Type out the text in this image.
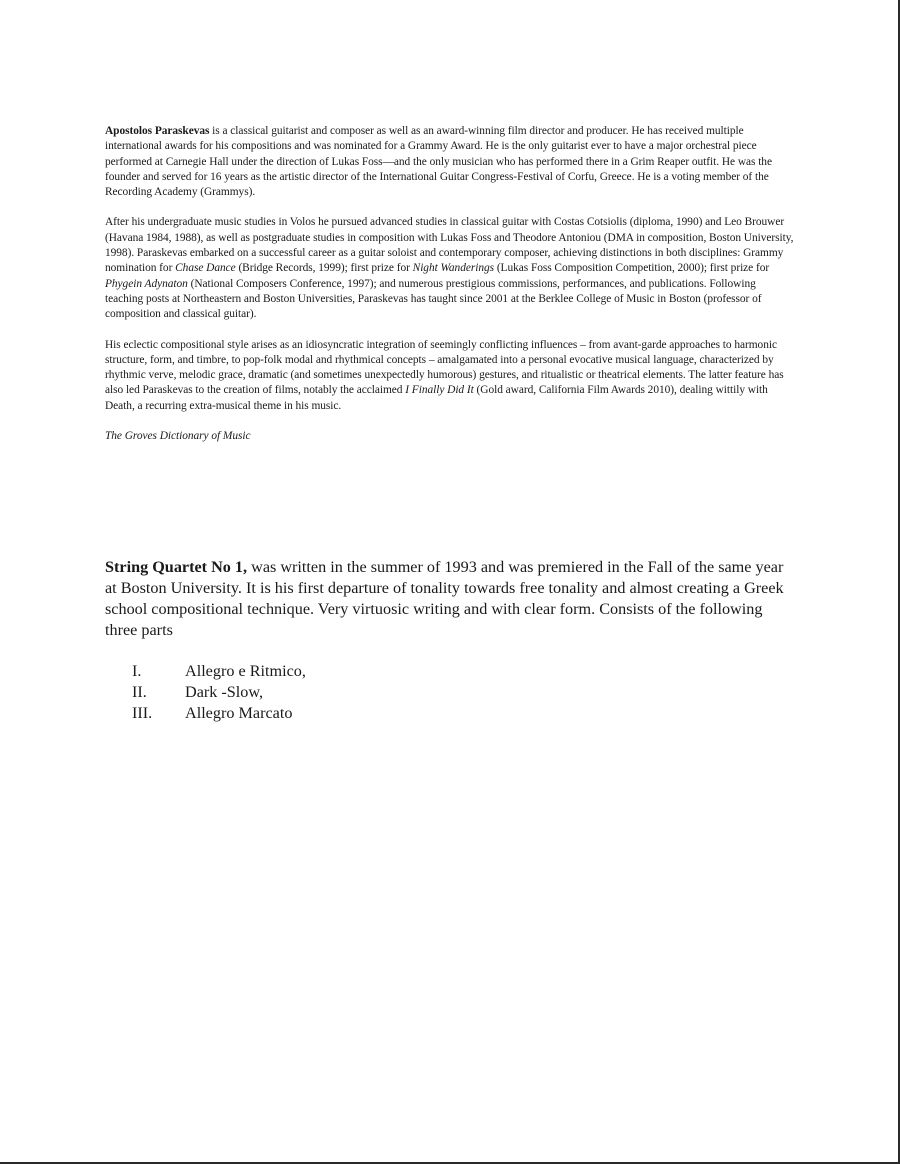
Apostolos Paraskevas is a classical guitarist and composer as well as an award-winning film director and producer. He has received multiple international awards for his compositions and was nominated for a Grammy Award. He is the only guitarist ever to have a major orchestral piece performed at Carnegie Hall under the direction of Lukas Foss—and the only musician who has performed there in a Grim Reaper outfit. He was the founder and served for 16 years as the artistic director of the International Guitar Congress-Festival of Corfu, Greece. He is a voting member of the Recording Academy (Grammys).

After his undergraduate music studies in Volos he pursued advanced studies in classical guitar with Costas Cotsiolis (diploma, 1990) and Leo Brouwer (Havana 1984, 1988), as well as postgraduate studies in composition with Lukas Foss and Theodore Antoniou (DMA in composition, Boston University, 1998). Paraskevas embarked on a successful career as a guitar soloist and contemporary composer, achieving distinctions in both disciplines: Grammy nomination for Chase Dance (Bridge Records, 1999); first prize for Night Wanderings (Lukas Foss Composition Competition, 2000); first prize for Phygein Adynaton (National Composers Conference, 1997); and numerous prestigious commissions, performances, and publications. Following teaching posts at Northeastern and Boston Universities, Paraskevas has taught since 2001 at the Berklee College of Music in Boston (professor of composition and classical guitar).

His eclectic compositional style arises as an idiosyncratic integration of seemingly conflicting influences – from avant-garde approaches to harmonic structure, form, and timbre, to pop-folk modal and rhythmical concepts – amalgamated into a personal evocative musical language, characterized by rhythmic verve, melodic grace, dramatic (and sometimes unexpectedly humorous) gestures, and ritualistic or theatrical elements. The latter feature has also led Paraskevas to the creation of films, notably the acclaimed I Finally Did It (Gold award, California Film Awards 2010), dealing wittily with Death, a recurring extra-musical theme in his music.

The Groves Dictionary of Music

String Quartet No 1, was written in the summer of 1993 and was premiered in the Fall of the same year at Boston University. It is his first departure of tonality towards free tonality and almost creating a Greek school compositional technique. Very virtuosic writing and with clear form. Consists of the following three parts

I.	Allegro e Ritmico,
II.	Dark -Slow,
III.	Allegro Marcato
